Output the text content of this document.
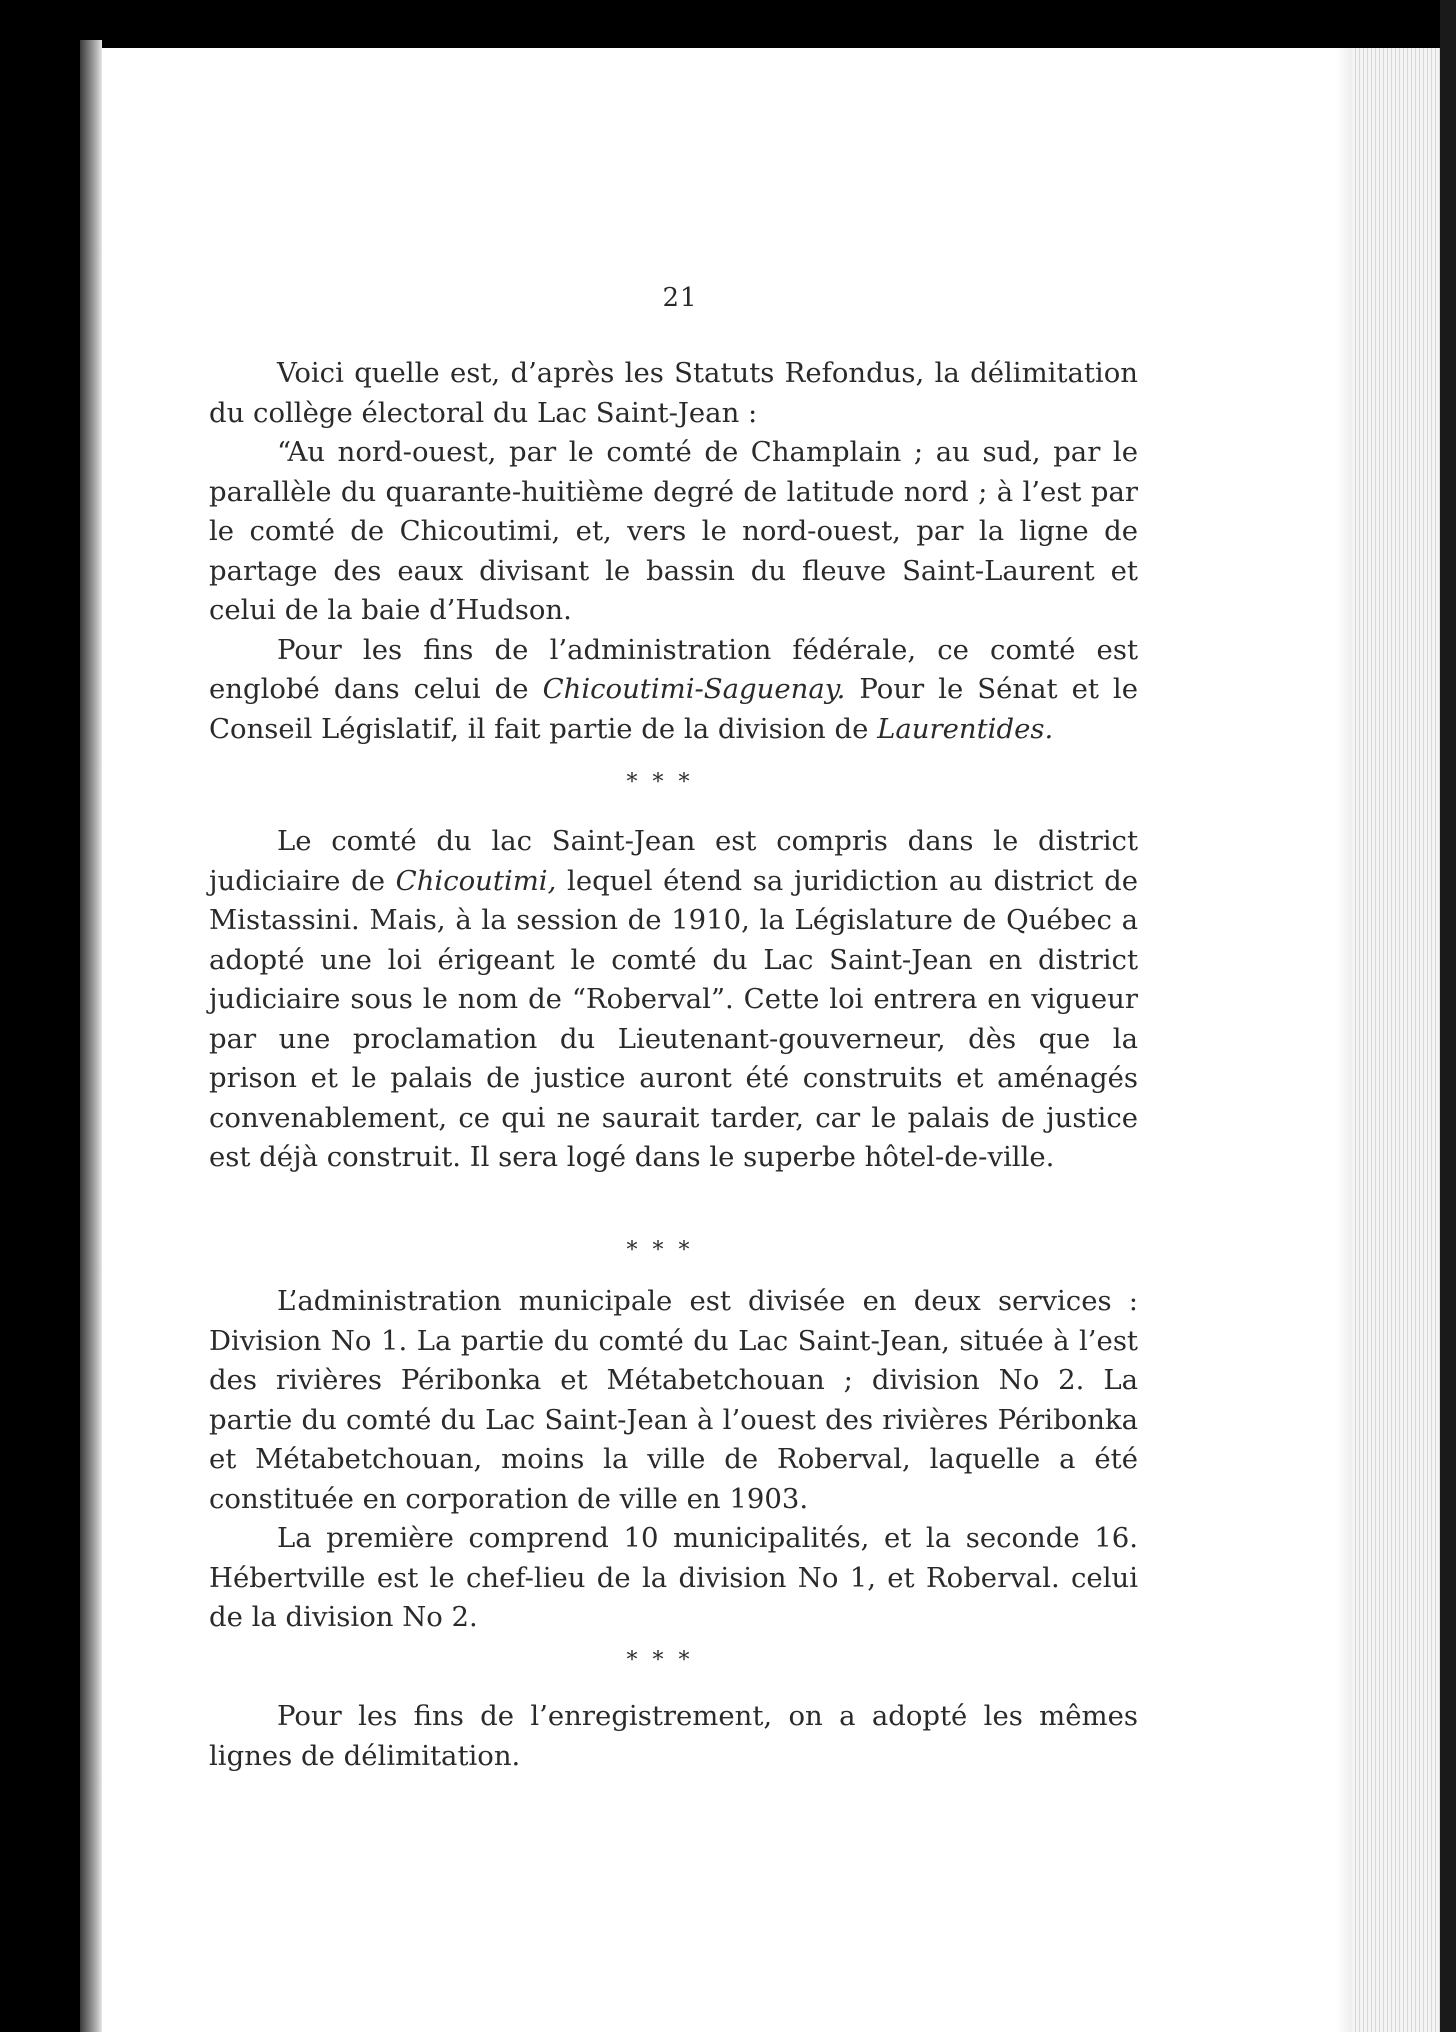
21

Voici quelle est, d’après les Statuts Refondus, la délimitation du collège électoral du Lac Saint-Jean :

“Au nord-ouest, par le comté de Champlain ; au sud, par le parallèle du quarante-huitième degré de latitude nord ; à l’est par le comté de Chicoutimi, et, vers le nord-ouest, par la ligne de partage des eaux divisant le bassin du fleuve Saint-Laurent et celui de la baie d’Hudson.

Pour les fins de l’administration fédérale, ce comté est englobé dans celui de Chicoutimi-Saguenay. Pour le Sénat et le Conseil Législatif, il fait partie de la division de Laurentides.

* * *

Le comté du lac Saint-Jean est compris dans le district judiciaire de Chicoutimi, lequel étend sa juridiction au district de Mistassini. Mais, à la session de 1910, la Législature de Québec a adopté une loi érigeant le comté du Lac Saint-Jean en district judiciaire sous le nom de “Roberval”. Cette loi entrera en vigueur par une proclamation du Lieutenant-gouverneur, dès que la prison et le palais de justice auront été construits et aménagés convenablement, ce qui ne saurait tarder, car le palais de justice est déjà construit. Il sera logé dans le superbe hôtel-de-ville.

* * *

L’administration municipale est divisée en deux services : Division No 1. La partie du comté du Lac Saint-Jean, située à l’est des rivières Péribonka et Métabetchouan ; division No 2. La partie du comté du Lac Saint-Jean à l’ouest des rivières Péribonka et Métabetchouan, moins la ville de Roberval, laquelle a été constituée en corporation de ville en 1903.

La première comprend 10 municipalités, et la seconde 16. Hébertville est le chef-lieu de la division No 1, et Roberval. celui de la division No 2.

* * *

Pour les fins de l’enregistrement, on a adopté les mêmes lignes de délimitation.
